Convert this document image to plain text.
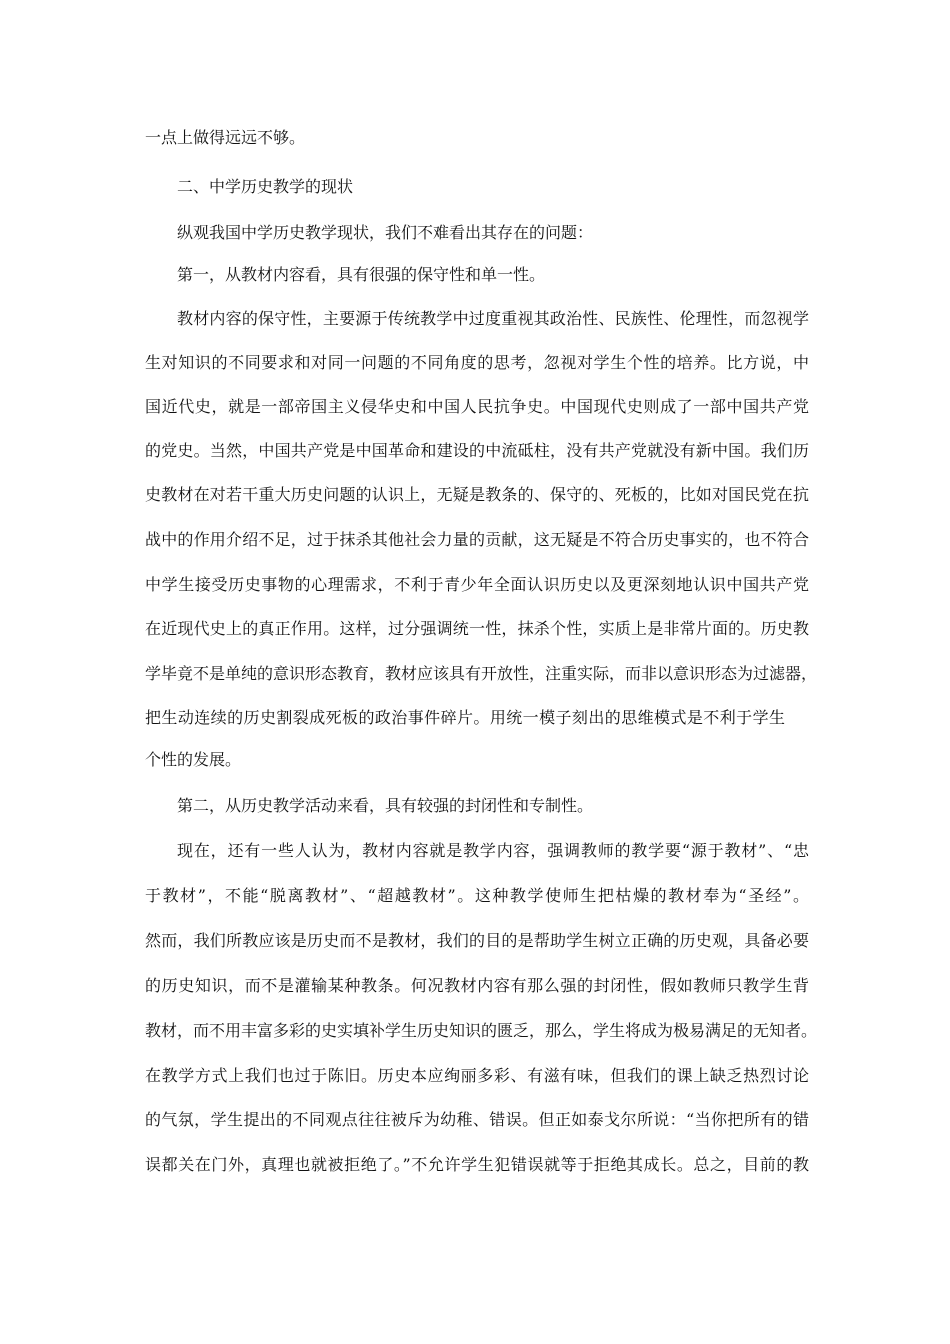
一点上做得远远不够。

二、中学历史教学的现状

纵观我国中学历史教学现状，我们不难看出其存在的问题：

第一，从教材内容看，具有很强的保守性和单一性。

教材内容的保守性，主要源于传统教学中过度重视其政治性、民族性、伦理性，而忽视学

生对知识的不同要求和对同一问题的不同角度的思考，忽视对学生个性的培养。比方说，中

国近代史，就是一部帝国主义侵华史和中国人民抗争史。中国现代史则成了一部中国共产党

的党史。当然，中国共产党是中国革命和建设的中流砥柱，没有共产党就没有新中国。我们历

史教材在对若干重大历史问题的认识上，无疑是教条的、保守的、死板的，比如对国民党在抗

战中的作用介绍不足，过于抹杀其他社会力量的贡献，这无疑是不符合历史事实的，也不符合

中学生接受历史事物的心理需求，不利于青少年全面认识历史以及更深刻地认识中国共产党

在近现代史上的真正作用。这样，过分强调统一性，抹杀个性，实质上是非常片面的。历史教

学毕竟不是单纯的意识形态教育，教材应该具有开放性，注重实际，而非以意识形态为过滤器，

把生动连续的历史割裂成死板的政治事件碎片。用统一模子刻出的思维模式是不利于学生

个性的发展。

第二，从历史教学活动来看，具有较强的封闭性和专制性。

现在，还有一些人认为，教材内容就是教学内容，强调教师的教学要“源于教材”、“忠

于教材”，不能“脱离教材”、“超越教材”。这种教学使师生把枯燥的教材奉为“圣经”。

然而，我们所教应该是历史而不是教材，我们的目的是帮助学生树立正确的历史观，具备必要

的历史知识，而不是灌输某种教条。何况教材内容有那么强的封闭性，假如教师只教学生背

教材，而不用丰富多彩的史实填补学生历史知识的匮乏，那么，学生将成为极易满足的无知者。

在教学方式上我们也过于陈旧。历史本应绚丽多彩、有滋有味，但我们的课上缺乏热烈讨论

的气氛，学生提出的不同观点往往被斥为幼稚、错误。但正如泰戈尔所说：“当你把所有的错

误都关在门外，真理也就被拒绝了。”不允许学生犯错误就等于拒绝其成长。总之，目前的教
